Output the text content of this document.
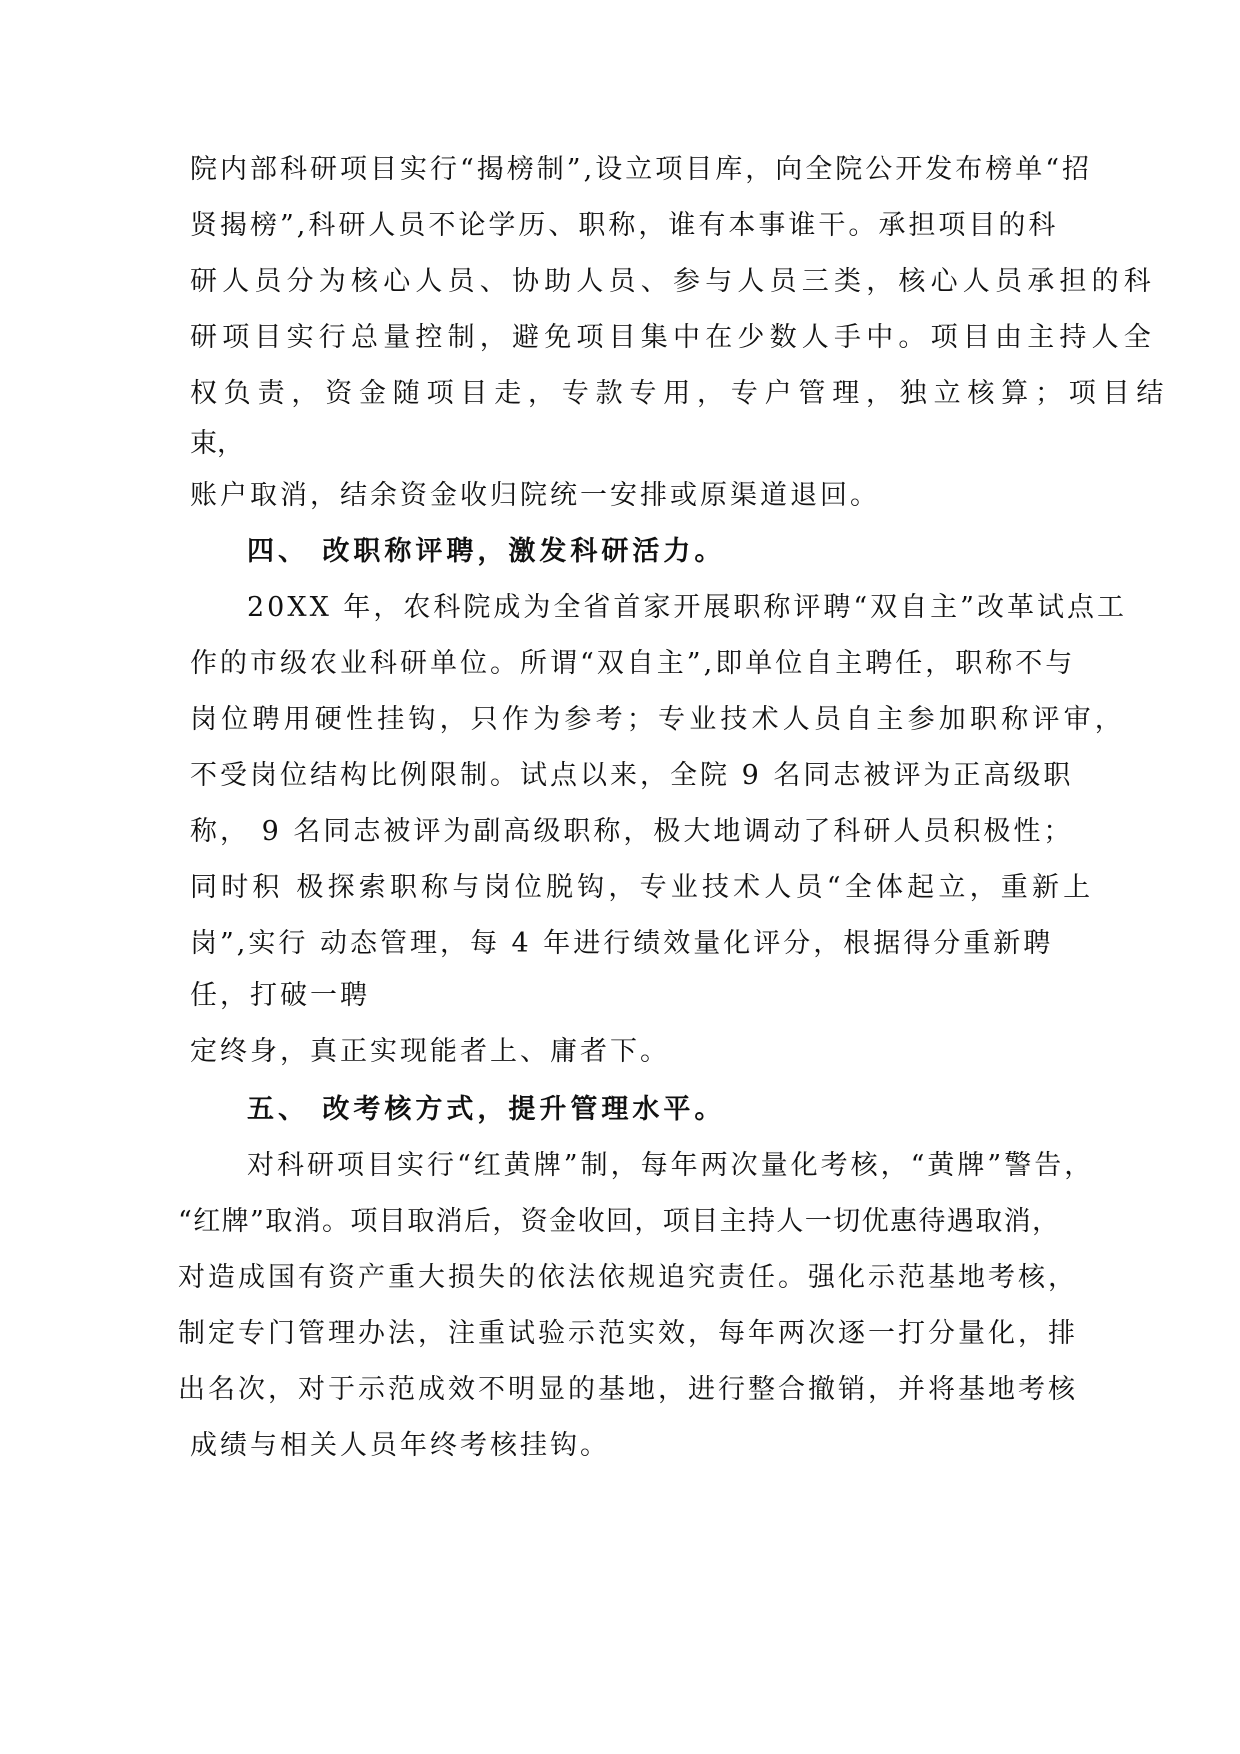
院内部科研项目实行“揭榜制”,设立项目库，向全院公开发布榜单“招
贤揭榜”,科研人员不论学历、职称，谁有本事谁干。承担项目的科
研人员分为核心人员、协助人员、参与人员三类，核心人员承担的科
研项目实行总量控制，避免项目集中在少数人手中。项目由主持人全
权负责，资金随项目走，专款专用，专户管理，独立核算；项目结
束，
账户取消，结余资金收归院统一安排或原渠道退回。
四、 改职称评聘，激发科研活力。
20XX 年，农科院成为全省首家开展职称评聘“双自主”改革试点工
作的市级农业科研单位。所谓“双自主”,即单位自主聘任，职称不与
岗位聘用硬性挂钩，只作为参考；专业技术人员自主参加职称评审，
不受岗位结构比例限制。试点以来，全院 9 名同志被评为正高级职
称， 9 名同志被评为副高级职称，极大地调动了科研人员积极性；
同时积 极探索职称与岗位脱钩，专业技术人员“全体起立，重新上
岗”,实行 动态管理，每 4 年进行绩效量化评分，根据得分重新聘
任，打破一聘
定终身，真正实现能者上、庸者下。
五、 改考核方式，提升管理水平。
对科研项目实行“红黄牌”制，每年两次量化考核，“黄牌”警告，
“红牌”取消。项目取消后，资金收回，项目主持人一切优惠待遇取消，
对造成国有资产重大损失的依法依规追究责任。强化示范基地考核，
制定专门管理办法，注重试验示范实效，每年两次逐一打分量化，排
出名次，对于示范成效不明显的基地，进行整合撤销，并将基地考核
成绩与相关人员年终考核挂钩。
